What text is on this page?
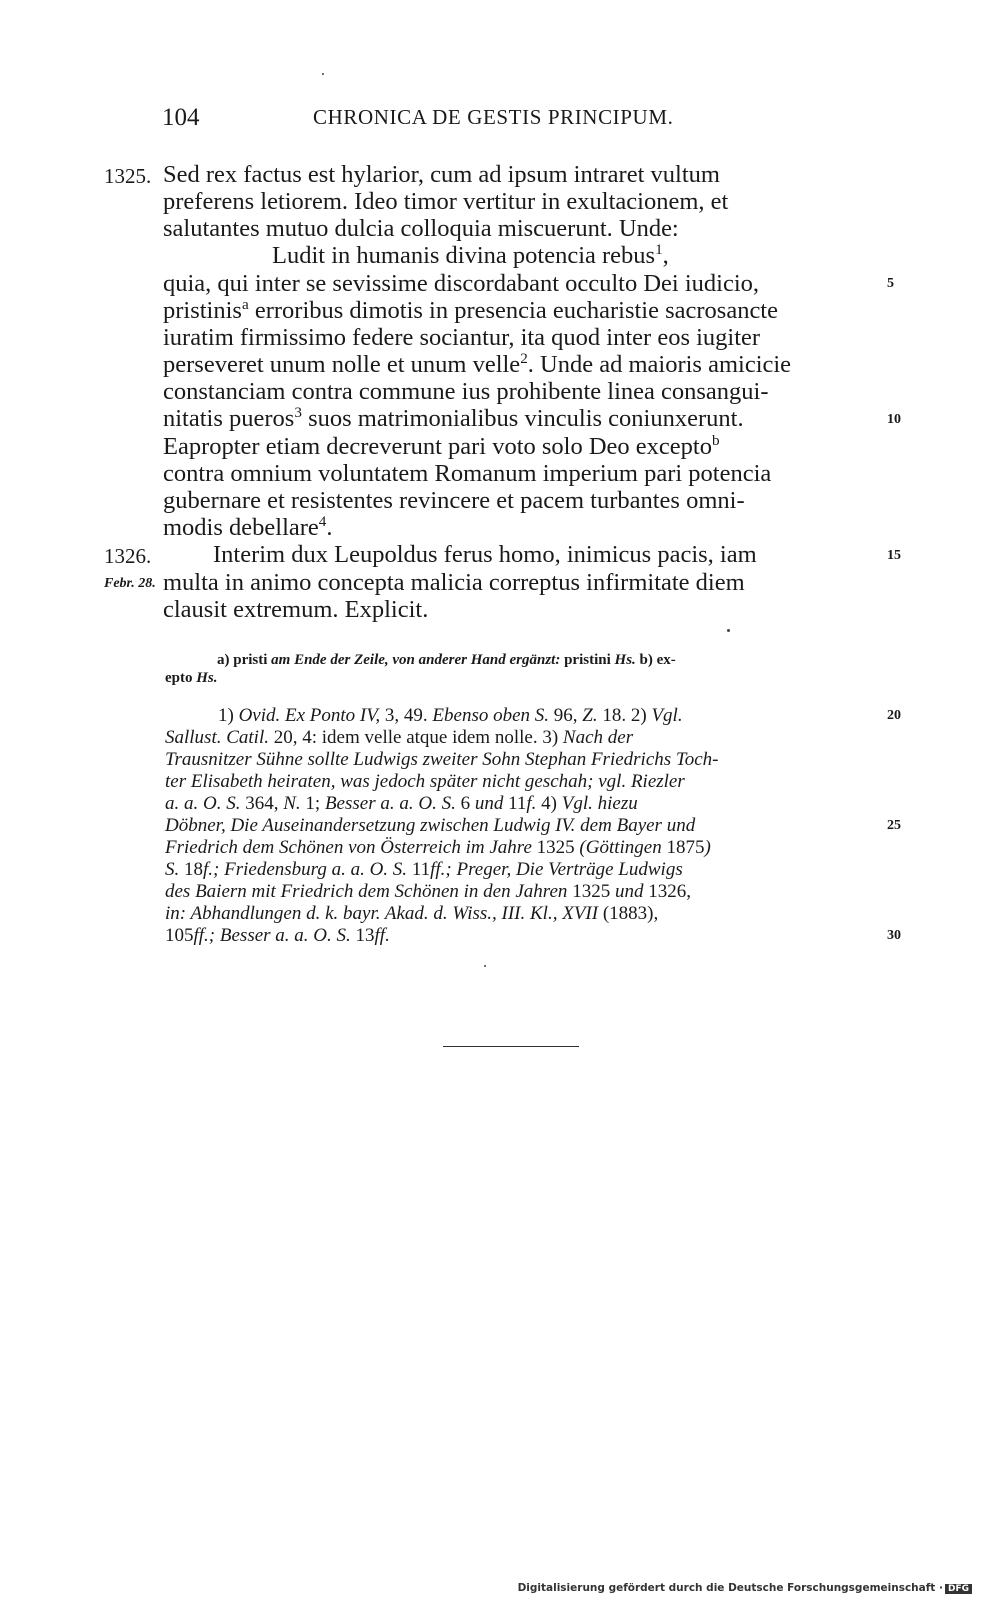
104	CHRONICA DE GESTIS PRINCIPUM.
1325.
1326.
Febr. 28.
5
10
15
20
25
30
Sed rex factus est hylarior, cum ad ipsum intraret vultum
preferens letiorem. Ideo timor vertitur in exultacionem, et
salutantes mutuo dulcia colloquia miscuerunt. Unde:
Ludit in humanis divina potencia rebus$^1$,
quia, qui inter se sevissime discordabant occulto Dei iudicio,
pristinis$^a$ erroribus dimotis in presencia eucharistie sacrosancte
iuratim firmissimo federe sociantur, ita quod inter eos iugiter
perseveret unum nolle et unum velle$^2$. Unde ad maioris amicicie
constanciam contra commune ius prohibente linea consangui-
nitatis pueros$^3$ suos matrimonialibus vinculis coniunxerunt.
Eapropter etiam decreverunt pari voto solo Deo excepto$^b$
contra omnium voluntatem Romanum imperium pari potencia
gubernare et resistentes revincere et pacem turbantes omni-
modis debellare$^4$.
Interim dux Leupoldus ferus homo, inimicus pacis, iam
multa in animo concepta malicia correptus infirmitate diem
clausit extremum. Explicit.
a) pristi am Ende der Zeile, von anderer Hand ergänzt: pristini Hs. b) ex-
epto Hs.
1) Ovid. Ex Ponto IV, 3, 49. Ebenso oben S. 96, Z. 18. 2) Vgl.
Sallust. Catil. 20, 4: idem velle atque idem nolle. 3) Nach der
Trausnitzer Sühne sollte Ludwigs zweiter Sohn Stephan Friedrichs Toch-
ter Elisabeth heiraten, was jedoch später nicht geschah; vgl. Riezler
a. a. O. S. 364, N. 1; Besser a. a. O. S. 6 und 11f. 4) Vgl. hiezu
Döbner, Die Auseinandersetzung zwischen Ludwig IV. dem Bayer und
Friedrich dem Schönen von Österreich im Jahre 1325 (Göttingen 1875)
S. 18f.; Friedensburg a. a. O. S. 11ff.; Preger, Die Verträge Ludwigs
des Baiern mit Friedrich dem Schönen in den Jahren 1325 und 1326,
in: Abhandlungen d. k. bayr. Akad. d. Wiss., III. Kl., XVII (1883),
105ff.; Besser a. a. O. S. 13ff.
Digitalisierung gefördert durch die Deutsche Forschungsgemeinschaft · DFG
